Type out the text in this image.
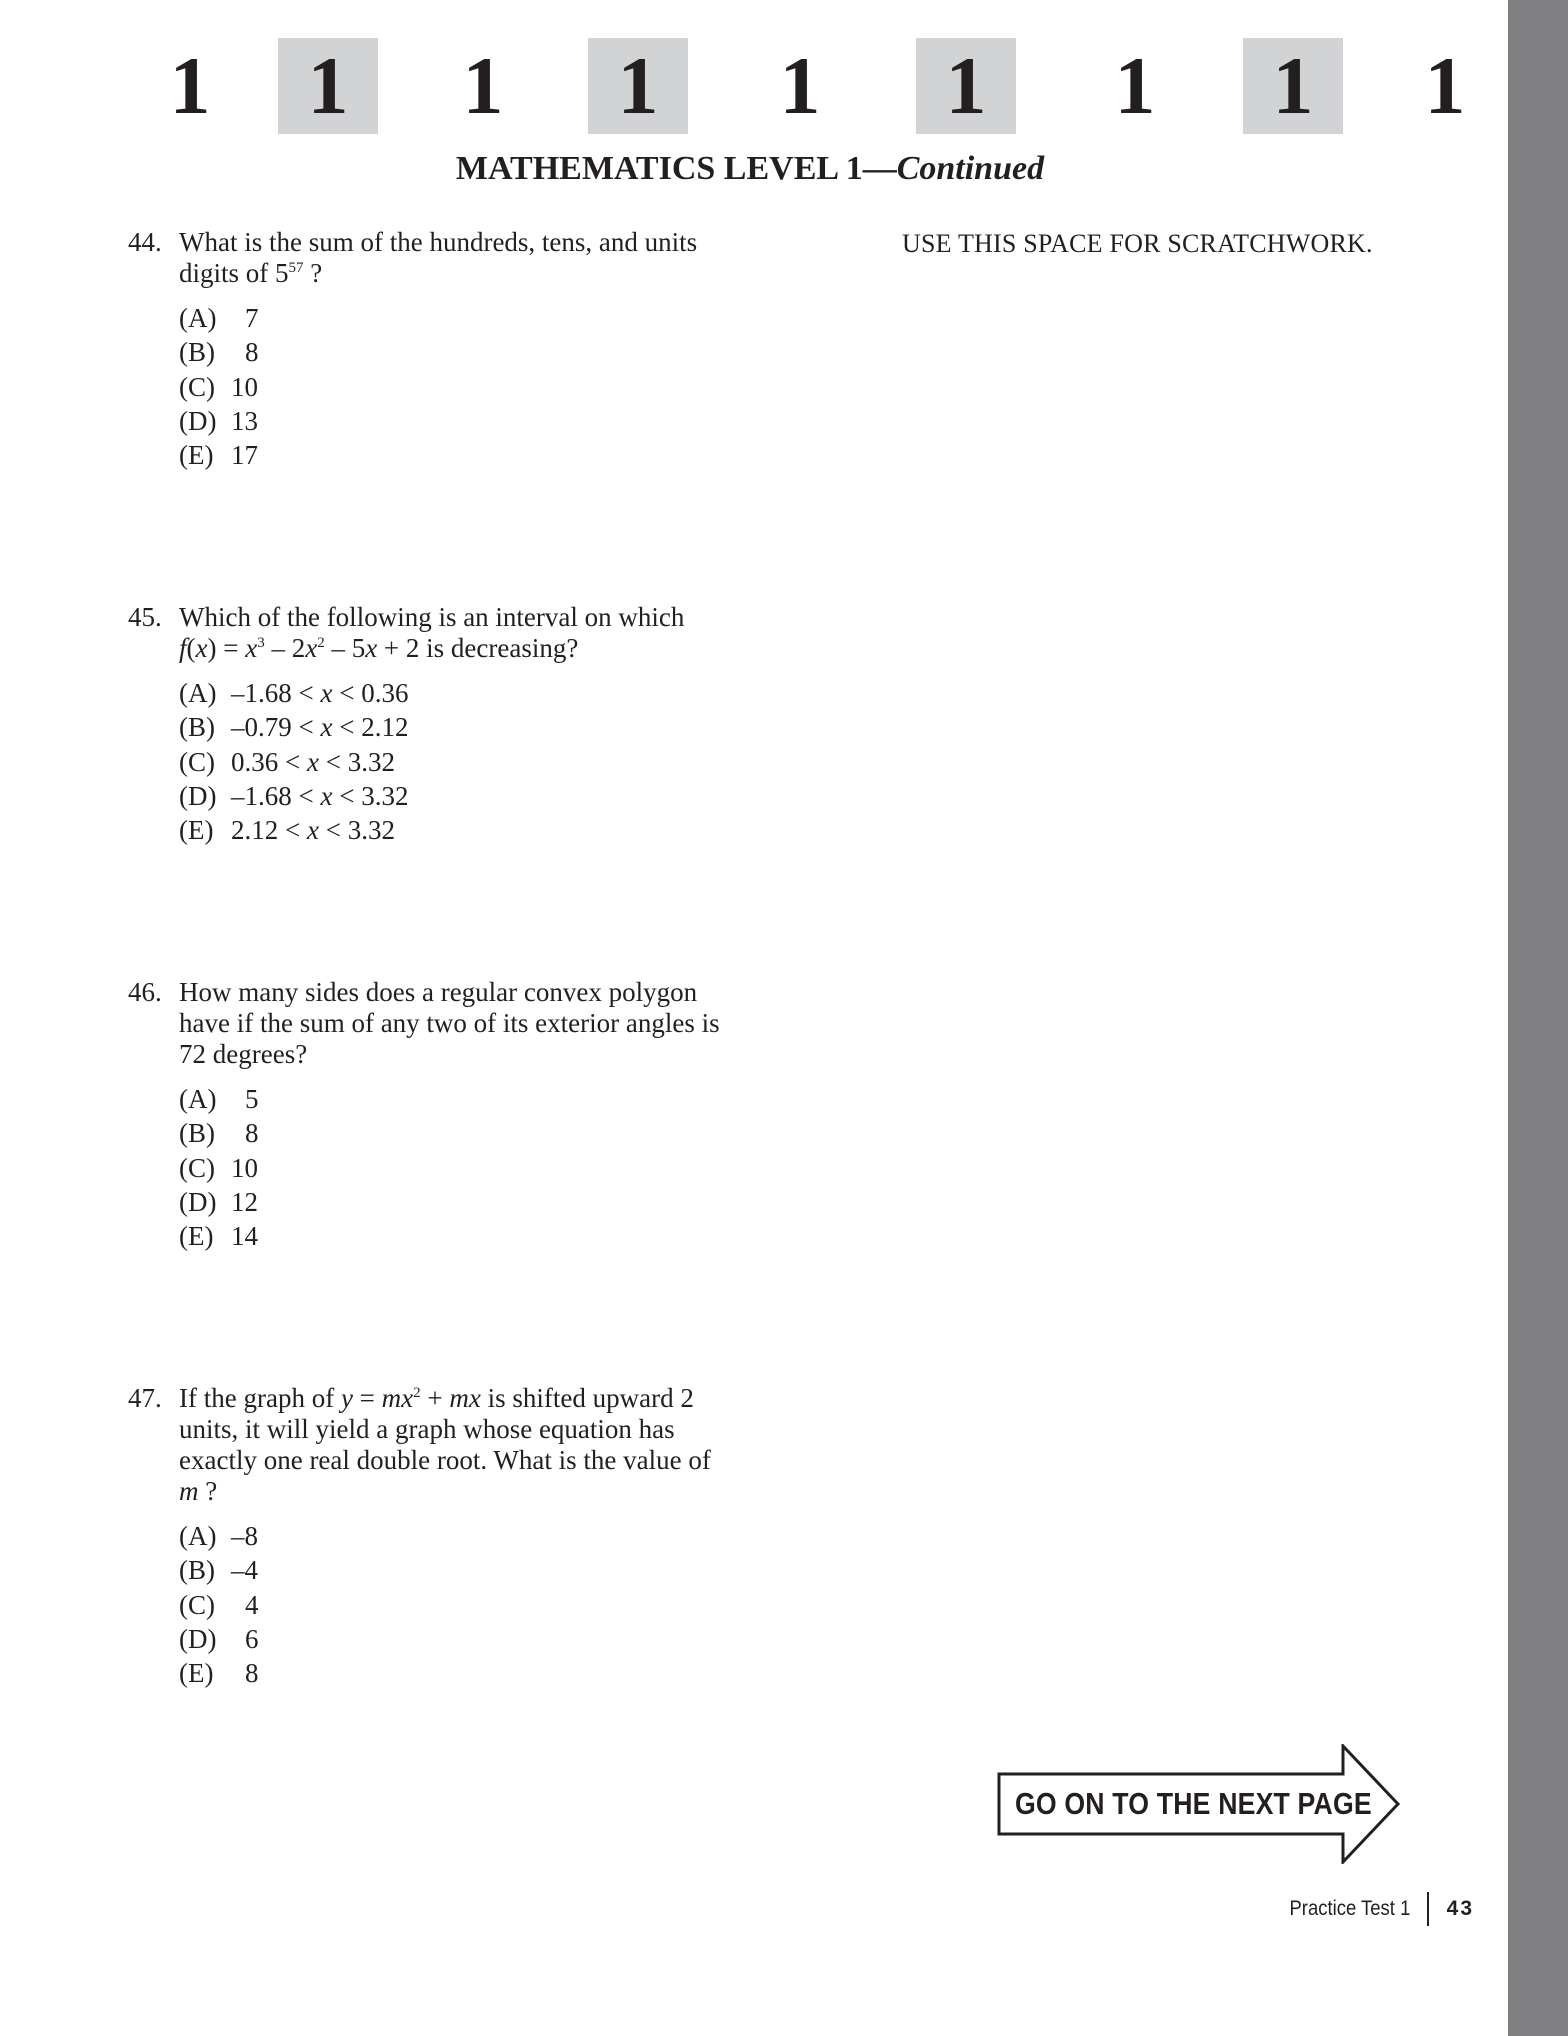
1	1	1	1	1	1	1	1	1
MATHEMATICS LEVEL 1—Continued
USE THIS SPACE FOR SCRATCHWORK.
44. What is the sum of the hundreds, tens, and units
digits of $5^{57}$ ?
(A) 7
(B) 8
(C) 10
(D) 13
(E) 17
45. Which of the following is an interval on which
$f(x) = x^3 - 2x^2 - 5x + 2$ is decreasing?
(A) –1.68 < x < 0.36
(B) –0.79 < x < 2.12
(C) 0.36 < x < 3.32
(D) –1.68 < x < 3.32
(E) 2.12 < x < 3.32
46. How many sides does a regular convex polygon
have if the sum of any two of its exterior angles is
72 degrees?
(A) 5
(B) 8
(C) 10
(D) 12
(E) 14
47. If the graph of $y = mx^2$ + mx is shifted upward 2
units, it will yield a graph whose equation has
exactly one real double root. What is the value of
m ?
(A) –8
(B) –4
(C) 4
(D) 6
(E) 8
GO ON TO THE NEXT PAGE
Practice Test 1 43
